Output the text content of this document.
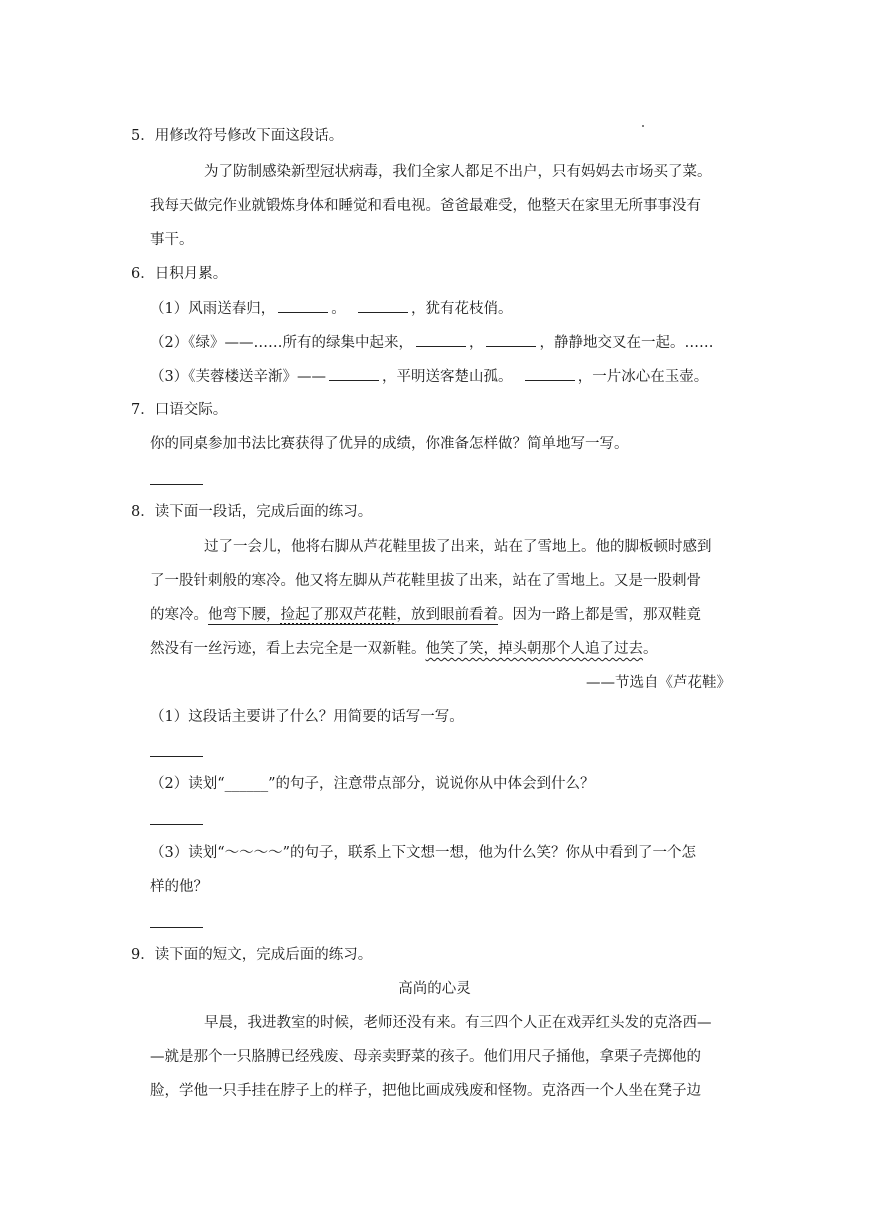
5．用修改符号修改下面这段话。
为了防制感染新型冠状病毒，我们全家人都足不出户，只有妈妈去市场买了菜。
我每天做完作业就锻炼身体和睡觉和看电视。爸爸最难受，他整天在家里无所事事没有
事干。
6．日积月累。
（1）风雨送春归，	。	，犹有花枝俏。
（2）《绿》——……所有的绿集中起来，	，	，静静地交叉在一起。……
（3）《芙蓉楼送辛渐》——	，平明送客楚山孤。	，一片冰心在玉壶。
7．口语交际。
你的同桌参加书法比赛获得了优异的成绩，你准备怎样做？简单地写一写。
8．读下面一段话，完成后面的练习。
过了一会儿，他将右脚从芦花鞋里拔了出来，站在了雪地上。他的脚板顿时感到
了一股针刺般的寒冷。他又将左脚从芦花鞋里拔了出来，站在了雪地上。又是一股刺骨
的寒冷。他弯下腰，捡起了那双芦花鞋，放到眼前看着。因为一路上都是雪，那双鞋竟
然没有一丝污迹，看上去完全是一双新鞋。他笑了笑，掉头朝那个人追了过去。
——节选自《芦花鞋》
（1）这段话主要讲了什么？用简要的话写一写。
（2）读划“______”的句子，注意带点部分，说说你从中体会到什么？
（3）读划“～～～～”的句子，联系上下文想一想，他为什么笑？你从中看到了一个怎
样的他？
9．读下面的短文，完成后面的练习。
高尚的心灵
早晨，我进教室的时候，老师还没有来。有三四个人正在戏弄红头发的克洛西—
—就是那个一只胳膊已经残废、母亲卖野菜的孩子。他们用尺子捅他，拿栗子壳掷他的
脸，学他一只手挂在脖子上的样子，把他比画成残废和怪物。克洛西一个人坐在凳子边
